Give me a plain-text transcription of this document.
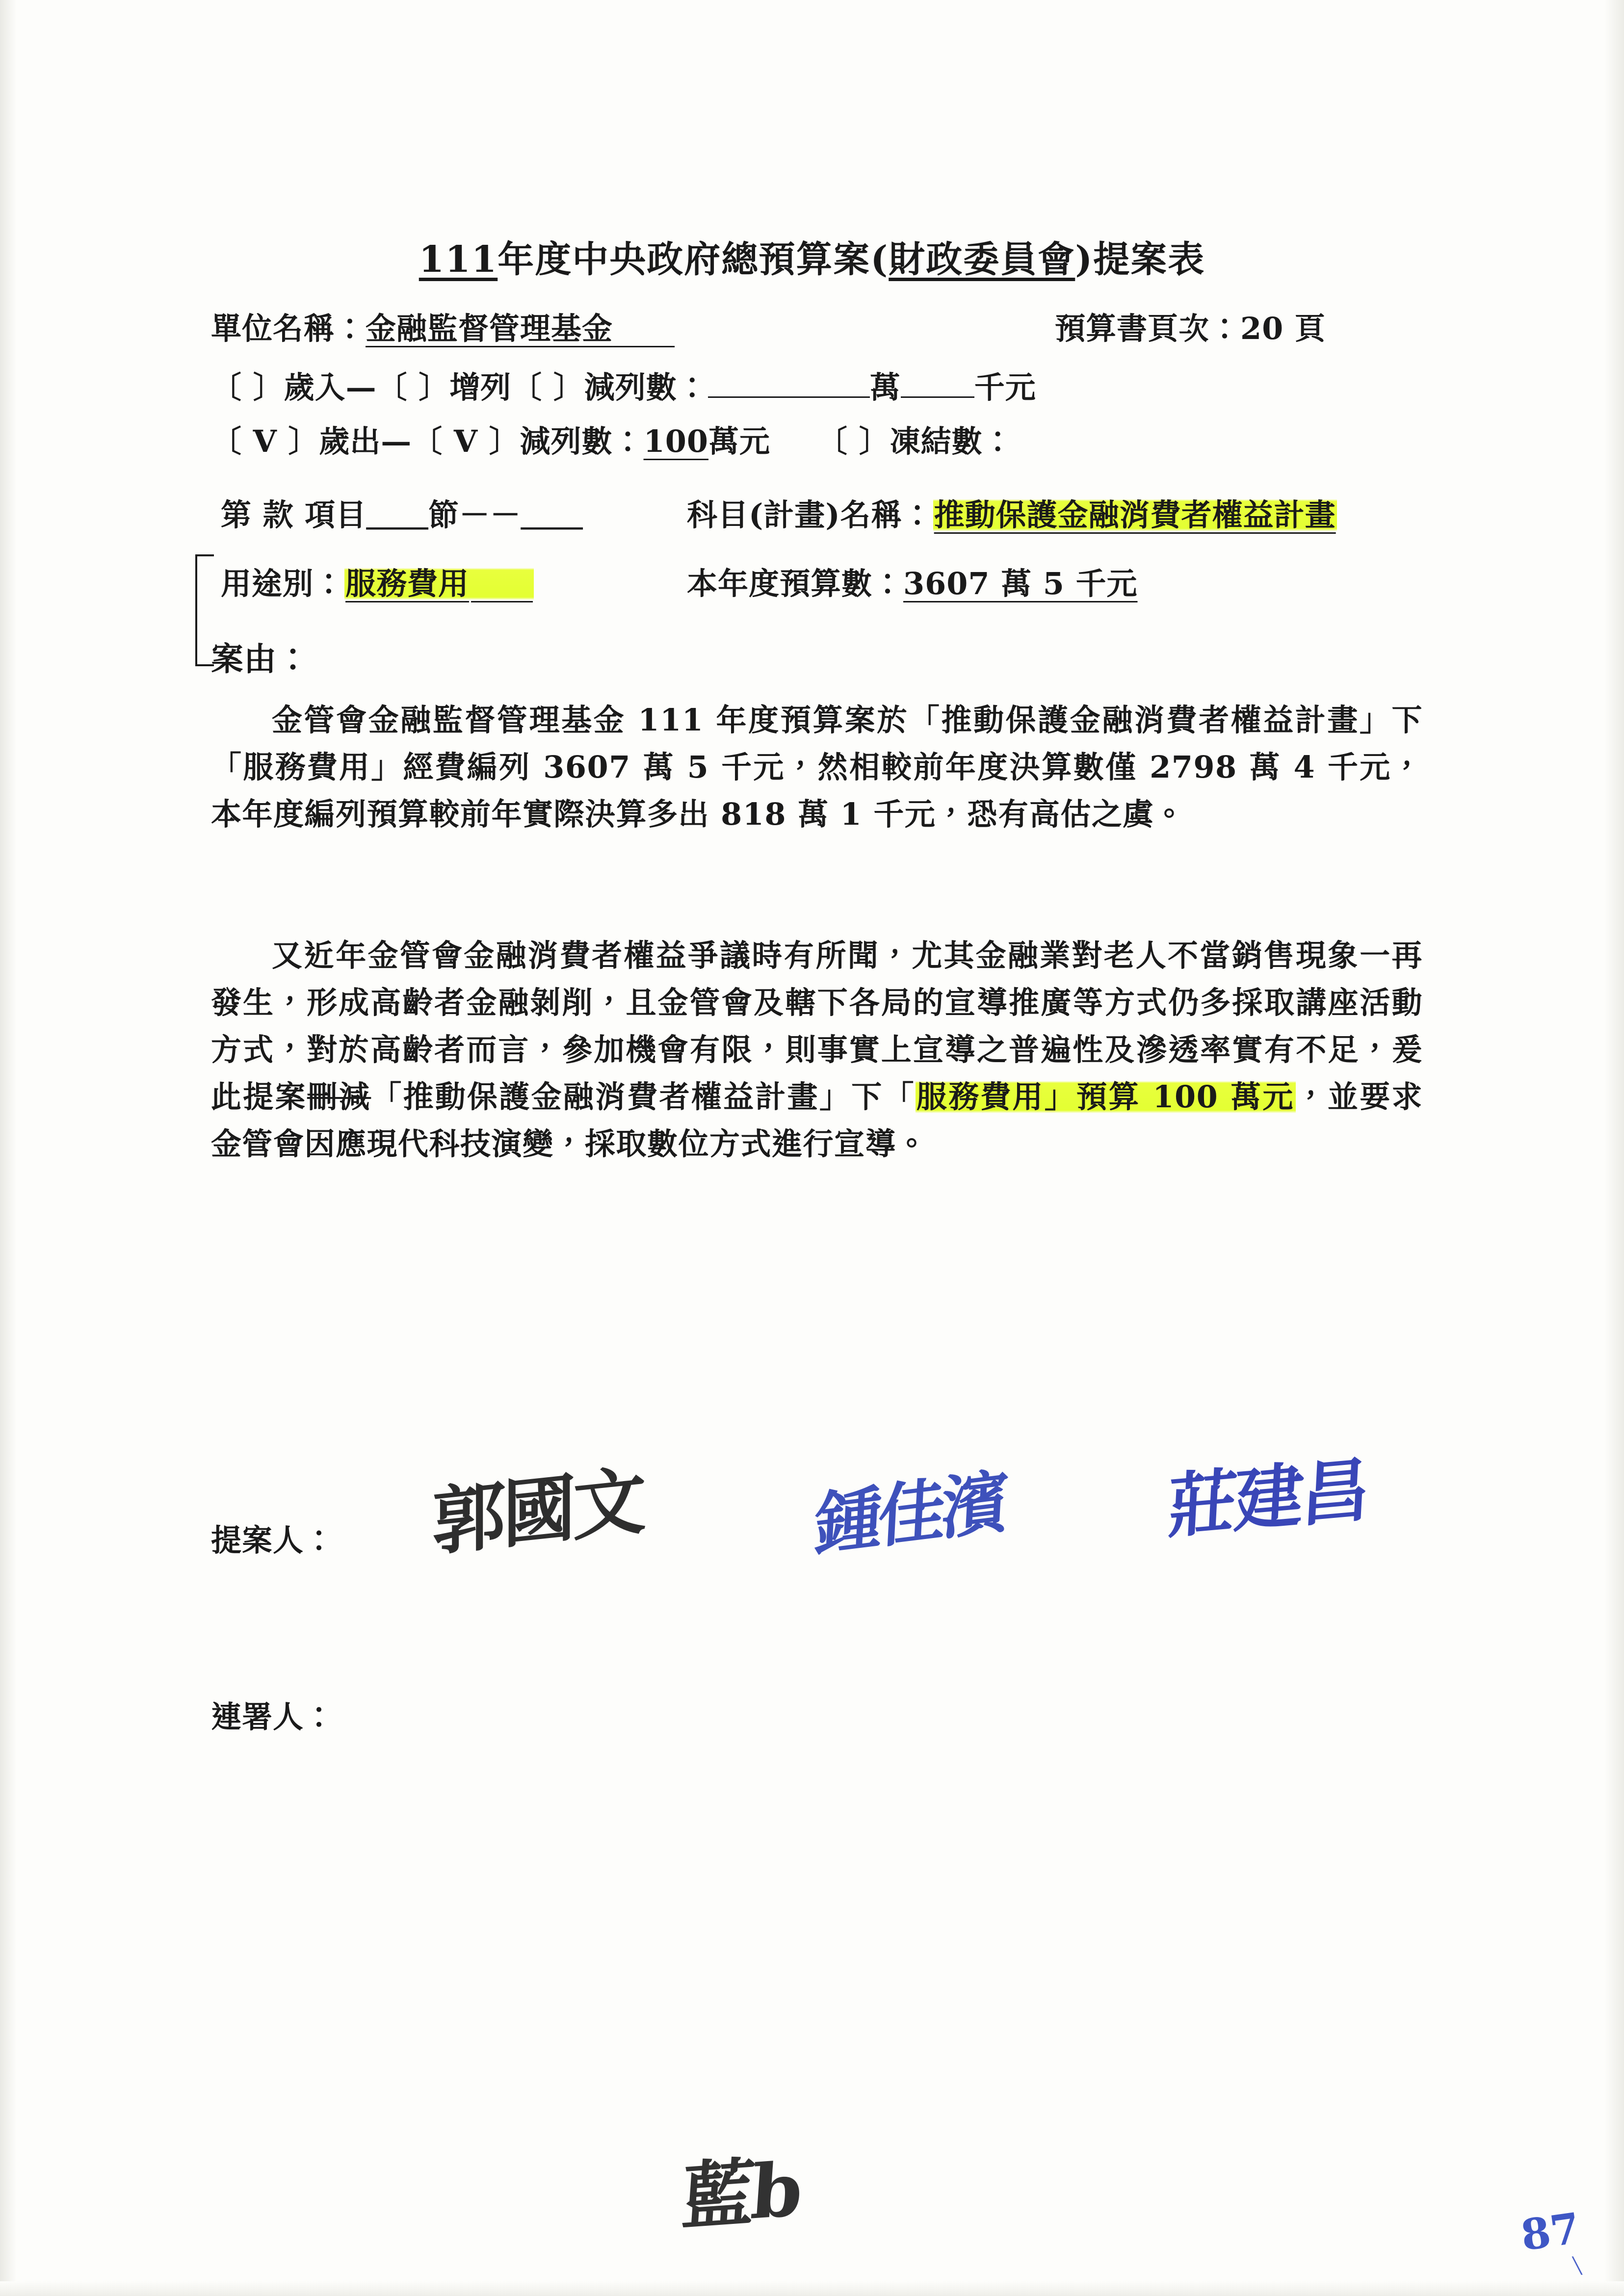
111年度中央政府總預算案(財政委員會)提案表
單位名稱：金融監督管理基金　　	預算書頁次：20 頁
〔 〕歲入—〔 〕增列〔 〕減列數：	萬 千元
〔 V 〕歲出—〔 V 〕減列數：100萬元　　 〔 〕凍結數：
第 款 項目＿＿節－－＿＿	科目(計畫)名稱：推動保護金融消費者權益計畫
用途別：服務費用　　	本年度預算數：3607 萬 5 千元
案由：

金管會金融監督管理基金 111 年度預算案於「推動保護金融消費者權益計畫」下「服務費用」經費編列 3607 萬 5 千元，然相較前年度決算數僅 2798 萬 4 千元，本年度編列預算較前年實際決算多出 818 萬 1 千元，恐有高估之虞。

又近年金管會金融消費者權益爭議時有所聞，尤其金融業對老人不當銷售現象一再發生，形成高齡者金融剝削，且金管會及轄下各局的宣導推廣等方式仍多採取講座活動方式，對於高齡者而言，參加機會有限，則事實上宣導之普遍性及滲透率實有不足，爰此提案刪減「推動保護金融消費者權益計畫」下「服務費用」預算 100 萬元，並要求金管會因應現代科技演變，採取數位方式進行宣導。

提案人： 郭國文	鍾佳濱 莊建昌
連署人：
藍b	87
﹨
